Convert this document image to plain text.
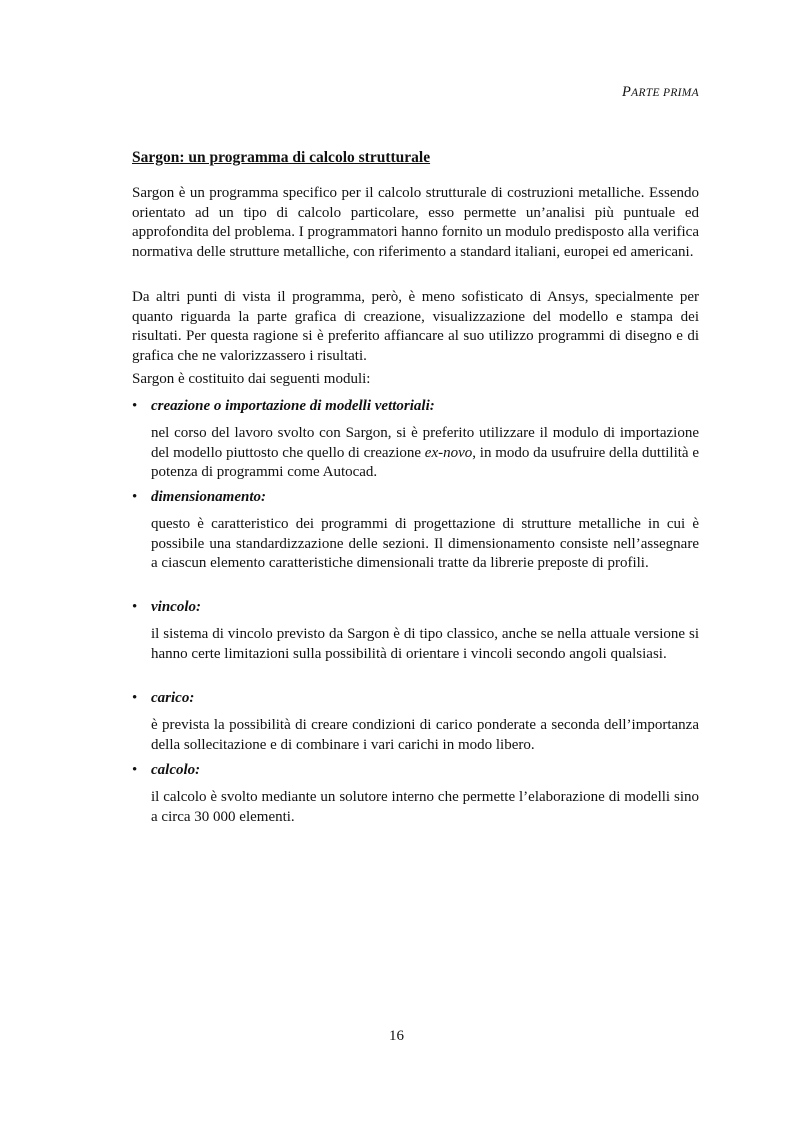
PARTE PRIMA
Sargon: un programma di calcolo strutturale

Sargon è un programma specifico per il calcolo strutturale di costruzioni metalliche. Essendo orientato ad un tipo di calcolo particolare, esso permette un’analisi più puntuale ed approfondita del problema. I programmatori hanno fornito un modulo predisposto alla verifica normativa delle strutture metalliche, con riferimento a standard italiani, europei ed americani.

Da altri punti di vista il programma, però, è meno sofisticato di Ansys, specialmente per quanto riguarda la parte grafica di creazione, visualizzazione del modello e stampa dei risultati. Per questa ragione si è preferito affiancare al suo utilizzo programmi di disegno e di grafica che ne valorizzassero i risultati.

Sargon è costituito dai seguenti moduli:

• creazione o importazione di modelli vettoriali:

nel corso del lavoro svolto con Sargon, si è preferito utilizzare il modulo di importazione del modello piuttosto che quello di creazione ex-novo, in modo da usufruire della duttilità e potenza di programmi come Autocad.

• dimensionamento:

questo è caratteristico dei programmi di progettazione di strutture metalliche in cui è possibile una standardizzazione delle sezioni. Il dimensionamento consiste nell’assegnare a ciascun elemento caratteristiche dimensionali tratte da librerie preposte di profili.

• vincolo:

il sistema di vincolo previsto da Sargon è di tipo classico, anche se nella attuale versione si hanno certe limitazioni sulla possibilità di orientare i vincoli secondo angoli qualsiasi.

• carico:

è prevista la possibilità di creare condizioni di carico ponderate a seconda dell’importanza della sollecitazione e di combinare i vari carichi in modo libero.

• calcolo:

il calcolo è svolto mediante un solutore interno che permette l’elaborazione di modelli sino a circa 30 000 elementi.

16
